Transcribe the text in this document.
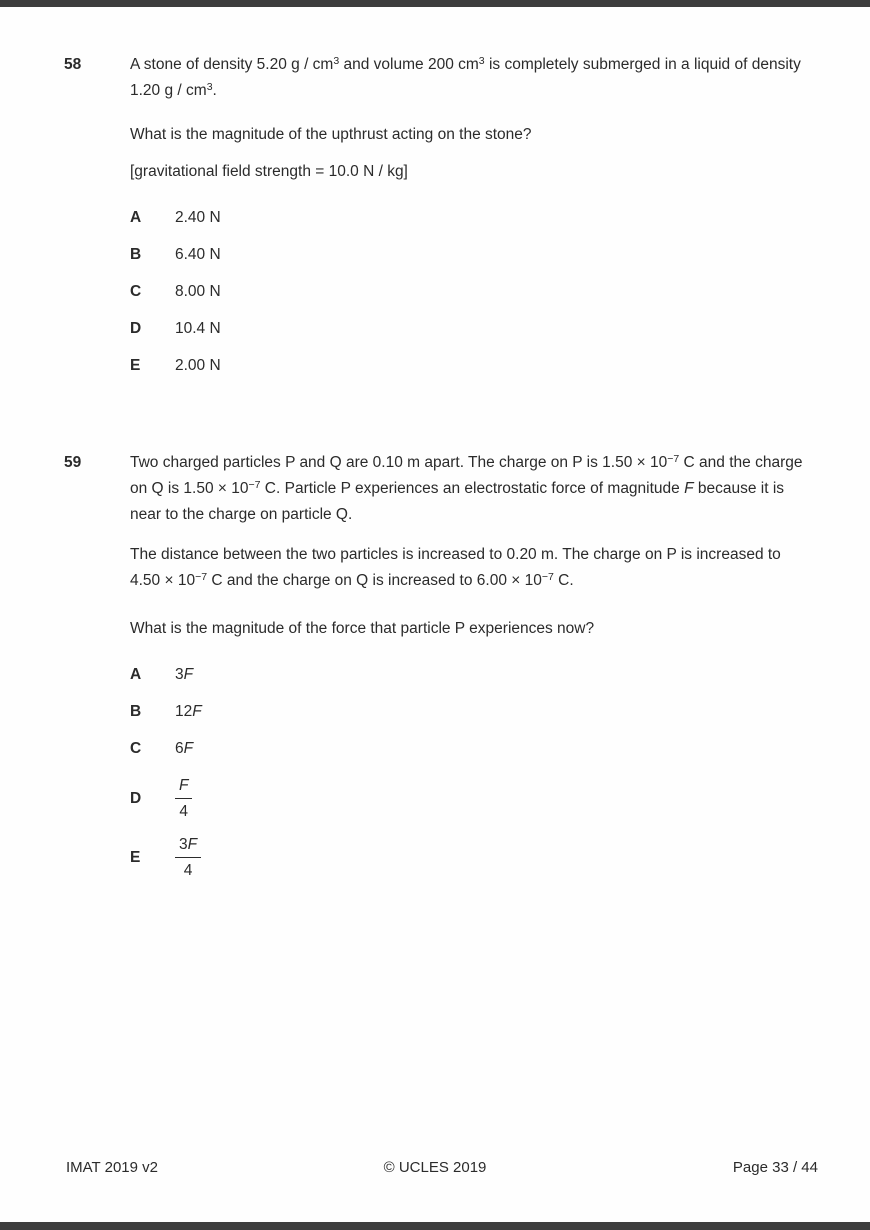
58	A stone of density 5.20 g / $cm^3$ and volume 200 $cm^3$ is completely submerged in a liquid of density 1.20 g / $cm^3$.

What is the magnitude of the upthrust acting on the stone?

[gravitational field strength = 10.0 N / kg]

A	2.40 N
B	6.40 N
C	8.00 N
D	10.4 N
E	2.00 N
59	Two charged particles P and Q are 0.10 m apart. The charge on P is $1.50 \times 10^{-7}$ C and the charge on Q is $1.50 \times 10^{-7}$ C. Particle P experiences an electrostatic force of magnitude F because it is near to the charge on particle Q.

The distance between the two particles is increased to 0.20 m. The charge on P is increased to $4.50 \times 10^{-7}$ C and the charge on Q is increased to $6.00 \times 10^{-7}$ C.

What is the magnitude of the force that particle P experiences now?

A	3F
B	12F
C	6F
D	$\frac{F}{4}$
E	$\frac{3F}{4}$
IMAT 2019 v2	© UCLES 2019	Page 33 / 44
